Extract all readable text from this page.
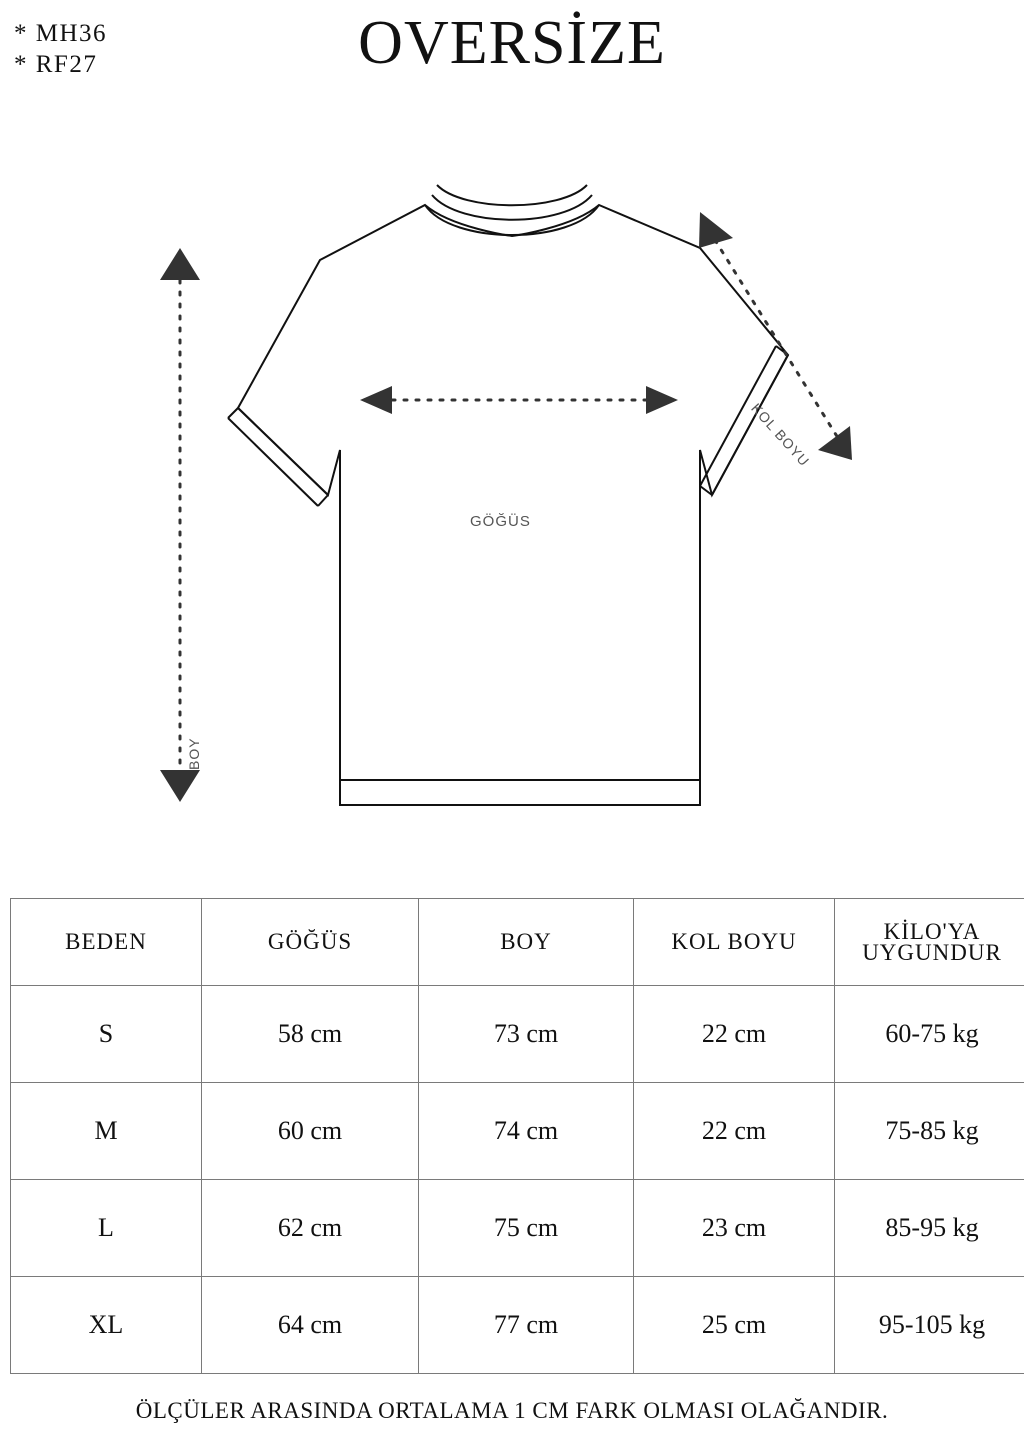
* MH36
* RF27	OVERSİZE
GÖĞÜS
BOY
KOL BOYU
BEDEN	GÖĞÜS	BOY	KOL BOYU	KİLO'YA
UYGUNDUR

S	58 cm	73 cm	22 cm	60-75 kg
M	60 cm	74 cm	22 cm	75-85 kg
L	62 cm	75 cm	23 cm	85-95 kg
XL	64 cm	77 cm	25 cm	95-105 kg
ÖLÇÜLER ARASINDA ORTALAMA 1 CM FARK OLMASI OLAĞANDIR.
